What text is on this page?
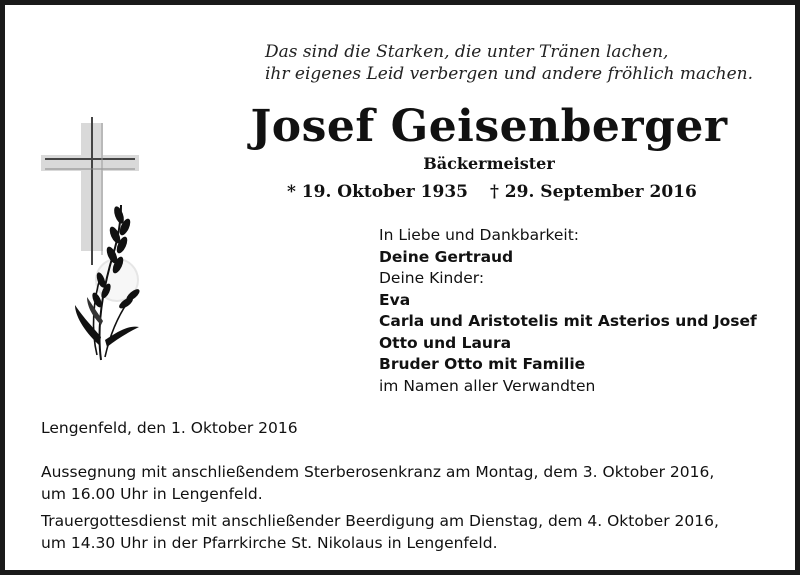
Das sind die Starken, die unter Tränen lachen,
ihr eigenes Leid verbergen und andere fröhlich machen.
Josef Geisenberger
Bäckermeister
* 19. Oktober 1935 † 29. September 2016
In Liebe und Dankbarkeit:
Deine Gertraud
Deine Kinder:
Eva
Carla und Aristotelis mit Asterios und Josef
Otto und Laura
Bruder Otto mit Familie
im Namen aller Verwandten
Lengenfeld, den 1. Oktober 2016
Aussegnung mit anschließendem Sterberosenkranz am Montag, dem 3. Oktober 2016,
um 16.00 Uhr in Lengenfeld.
Trauergottesdienst mit anschließender Beerdigung am Dienstag, dem 4. Oktober 2016,
um 14.30 Uhr in der Pfarrkirche St. Nikolaus in Lengenfeld.
